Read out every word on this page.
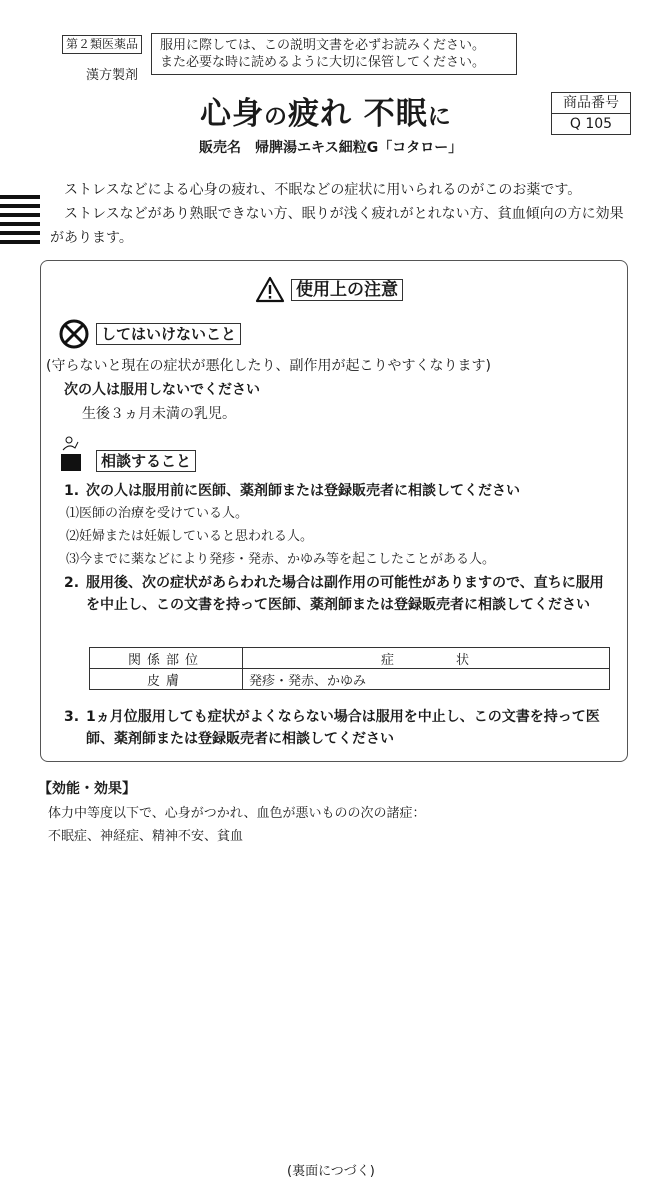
第２類医薬品
漢方製剤
服用に際しては、この説明文書を必ずお読みください。
また必要な時に読めるように大切に保管してください。
心身の疲れ 不眠に
販売名　帰脾湯エキス細粒G「コタロー」
商品番号
Q 105

ストレスなどによる心身の疲れ、不眠などの症状に用いられるのがこのお薬です。

ストレスなどがあり熟眠できない方、眠りが浅く疲れがとれない方、貧血傾向の方に効果があります。

使用上の注意
してはいけないこと
(守らないと現在の症状が悪化したり、副作用が起こりやすくなります)
次の人は服用しないでください
生後３ヵ月未満の乳児。
相談すること
1. 次の人は服用前に医師、薬剤師または登録販売者に相談してください
⑴医師の治療を受けている人。
⑵妊婦または妊娠していると思われる人。
⑶今までに薬などにより発疹・発赤、かゆみ等を起こしたことがある人。
2. 服用後、次の症状があらわれた場合は副作用の可能性がありますので、直ちに服用を中止し、この文書を持って医師、薬剤師または登録販売者に相談してください
関係部位	症　　　　状
皮膚	発疹・発赤、かゆみ
3. 1ヵ月位服用しても症状がよくならない場合は服用を中止し、この文書を持って医師、薬剤師または登録販売者に相談してください
【効能・効果】
体力中等度以下で、心身がつかれ、血色が悪いものの次の諸症：
不眠症、神経症、精神不安、貧血
(裏面につづく)
